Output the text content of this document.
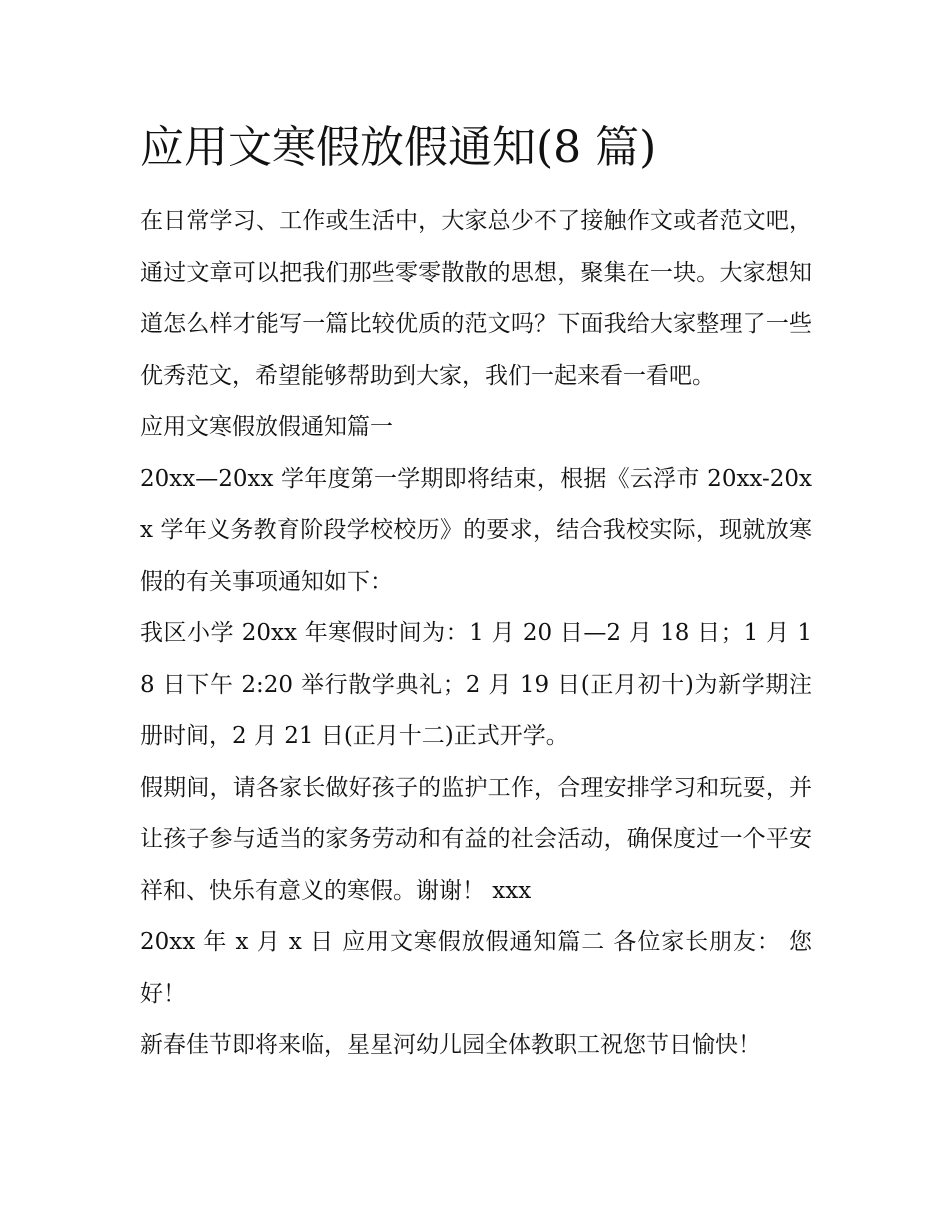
应用文寒假放假通知(8 篇)

在日常学习、工作或生活中，大家总少不了接触作文或者范文吧，通过文章可以把我们那些零零散散的思想，聚集在一块。大家想知道怎么样才能写一篇比较优质的范文吗？下面我给大家整理了一些优秀范文，希望能够帮助到大家，我们一起来看一看吧。

应用文寒假放假通知篇一

20xx—20xx 学年度第一学期即将结束，根据《云浮市 20xx-20xx 学年义务教育阶段学校校历》的要求，结合我校实际，现就放寒假的有关事项通知如下：

我区小学 20xx 年寒假时间为：1 月 20 日—2 月 18 日；1 月 18 日下午 2:20 举行散学典礼；2 月 19 日(正月初十)为新学期注册时间，2 月 21 日(正月十二)正式开学。

假期间，请各家长做好孩子的监护工作，合理安排学习和玩耍，并让孩子参与适当的家务劳动和有益的社会活动，确保度过一个平安祥和、快乐有意义的寒假。谢谢！ xxx

20xx 年 x 月 x 日 应用文寒假放假通知篇二 各位家长朋友： 您好！

新春佳节即将来临，星星河幼儿园全体教职工祝您节日愉快！
